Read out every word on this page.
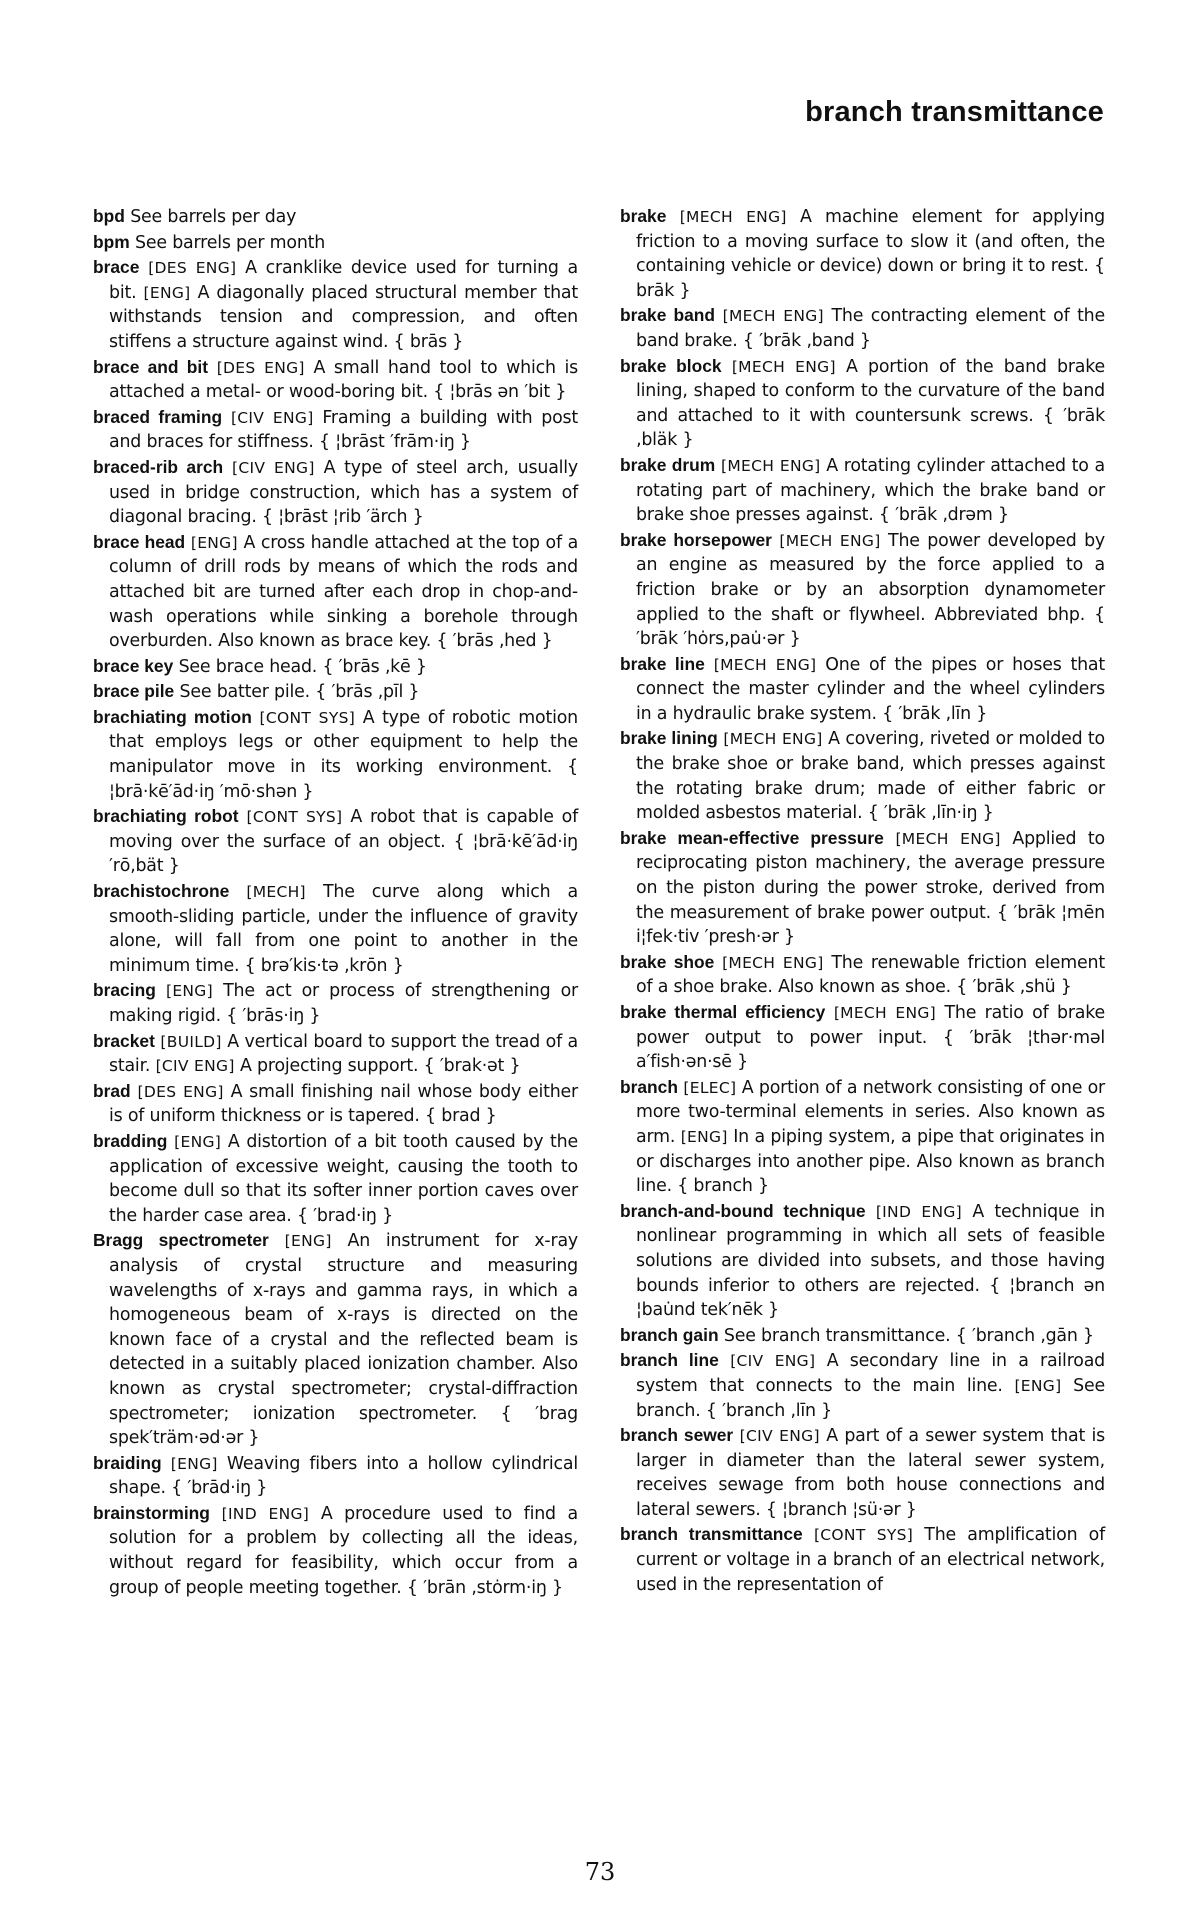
branch transmittance

bpd See barrels per day

bpm See barrels per month

brace [DES ENG] A cranklike device used for turning a bit. [ENG] A diagonally placed structural member that withstands tension and compression, and often stiffens a structure against wind. { brās }

brace and bit [DES ENG] A small hand tool to which is attached a metal- or wood-boring bit. { ¦brās ən ′bit }

braced framing [CIV ENG] Framing a building with post and braces for stiffness. { ¦brāst ′frām·iŋ }

braced-rib arch [CIV ENG] A type of steel arch, usually used in bridge construction, which has a system of diagonal bracing. { ¦brāst ¦rib ′ärch }

brace head [ENG] A cross handle attached at the top of a column of drill rods by means of which the rods and attached bit are turned after each drop in chop-and-wash operations while sinking a borehole through overburden. Also known as brace key. { ′brās ‚hed }

brace key See brace head. { ′brās ‚kē }

brace pile See batter pile. { ′brās ‚pīl }

brachiating motion [CONT SYS] A type of robotic motion that employs legs or other equipment to help the manipulator move in its working environment. { ¦brā·kē′ād·iŋ ′mō·shən }

brachiating robot [CONT SYS] A robot that is capable of moving over the surface of an object. { ¦brā·kē′ād·iŋ ′rō‚bät }

brachistochrone [MECH] The curve along which a smooth-sliding particle, under the influence of gravity alone, will fall from one point to another in the minimum time. { brə′kis·tə ‚krōn }

bracing [ENG] The act or process of strengthening or making rigid. { ′brās·iŋ }

bracket [BUILD] A vertical board to support the tread of a stair. [CIV ENG] A projecting support. { ′brak·ət }

brad [DES ENG] A small finishing nail whose body either is of uniform thickness or is tapered. { brad }

bradding [ENG] A distortion of a bit tooth caused by the application of excessive weight, causing the tooth to become dull so that its softer inner portion caves over the harder case area. { ′brad·iŋ }

Bragg spectrometer [ENG] An instrument for x-ray analysis of crystal structure and measuring wavelengths of x-rays and gamma rays, in which a homogeneous beam of x-rays is directed on the known face of a crystal and the reflected beam is detected in a suitably placed ionization chamber. Also known as crystal spectrometer; crystal-diffraction spectrometer; ionization spectrometer. { ′brag spek′träm·əd·ər }

braiding [ENG] Weaving fibers into a hollow cylindrical shape. { ′brād·iŋ }

brainstorming [IND ENG] A procedure used to find a solution for a problem by collecting all the ideas, without regard for feasibility, which occur from a group of people meeting together. { ′brān ‚stȯrm·iŋ }

brake [MECH ENG] A machine element for applying friction to a moving surface to slow it (and often, the containing vehicle or device) down or bring it to rest. { brāk }

brake band [MECH ENG] The contracting element of the band brake. { ′brāk ‚band }

brake block [MECH ENG] A portion of the band brake lining, shaped to conform to the curvature of the band and attached to it with countersunk screws. { ′brāk ‚bläk }

brake drum [MECH ENG] A rotating cylinder attached to a rotating part of machinery, which the brake band or brake shoe presses against. { ′brāk ‚drəm }

brake horsepower [MECH ENG] The power developed by an engine as measured by the force applied to a friction brake or by an absorption dynamometer applied to the shaft or flywheel. Abbreviated bhp. { ′brāk ′hȯrs‚pau̇·ər }

brake line [MECH ENG] One of the pipes or hoses that connect the master cylinder and the wheel cylinders in a hydraulic brake system. { ′brāk ‚līn }

brake lining [MECH ENG] A covering, riveted or molded to the brake shoe or brake band, which presses against the rotating brake drum; made of either fabric or molded asbestos material. { ′brāk ‚līn·iŋ }

brake mean-effective pressure [MECH ENG] Applied to reciprocating piston machinery, the average pressure on the piston during the power stroke, derived from the measurement of brake power output. { ′brāk ¦mēn i¦fek·tiv ′presh·ər }

brake shoe [MECH ENG] The renewable friction element of a shoe brake. Also known as shoe. { ′brāk ‚shü }

brake thermal efficiency [MECH ENG] The ratio of brake power output to power input. { ′brāk ¦thər·məl a′fish·ən·sē }

branch [ELEC] A portion of a network consisting of one or more two-terminal elements in series. Also known as arm. [ENG] In a piping system, a pipe that originates in or discharges into another pipe. Also known as branch line. { branch }

branch-and-bound technique [IND ENG] A technique in nonlinear programming in which all sets of feasible solutions are divided into subsets, and those having bounds inferior to others are rejected. { ¦branch ən ¦bau̇nd tek′nēk }

branch gain See branch transmittance. { ′branch ‚gān }

branch line [CIV ENG] A secondary line in a railroad system that connects to the main line. [ENG] See branch. { ′branch ‚līn }

branch sewer [CIV ENG] A part of a sewer system that is larger in diameter than the lateral sewer system, receives sewage from both house connections and lateral sewers. { ¦branch ¦sü·ər }

branch transmittance [CONT SYS] The amplification of current or voltage in a branch of an electrical network, used in the representation of

73
